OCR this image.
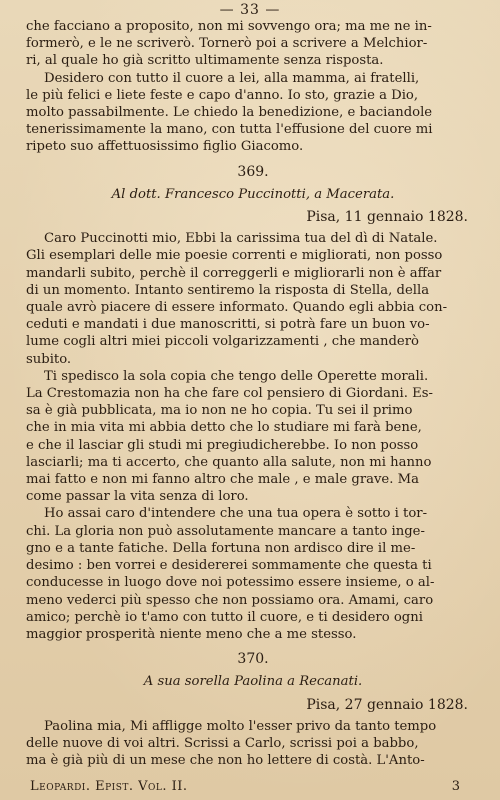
— 33 —
che facciano a proposito, non mi sovvengo ora; ma me ne in-
formerò, e le ne scriverò. Tornerò poi a scrivere a Melchior-
ri, al quale ho già scritto ultimamente senza risposta.
Desidero con tutto il cuore a lei, alla mamma, ai fratelli,
le più felici e liete feste e capo d'anno. Io sto, grazie a Dio,
molto passabilmente. Le chiedo la benedizione, e baciandole
tenerissimamente la mano, con tutta l'effusione del cuore mi
ripeto suo affettuosissimo figlio Giacomo.
369.
Al dott. Francesco Puccinotti, a Macerata.
Pisa, 11 gennaio 1828.
Caro Puccinotti mio, Ebbi la carissima tua del dì di Natale.
Gli esemplari delle mie poesie correnti e migliorati, non posso
mandarli subito, perchè il correggerli e migliorarli non è affar
di un momento. Intanto sentiremo la risposta di Stella, della
quale avrò piacere di essere informato. Quando egli abbia con-
ceduti e mandati i due manoscritti, si potrà fare un buon vo-
lume cogli altri miei piccoli volgarizzamenti , che manderò
subito.
Ti spedisco la sola copia che tengo delle Operette morali.
La Crestomazia non ha che fare col pensiero di Giordani. Es-
sa è già pubblicata, ma io non ne ho copia. Tu sei il primo
che in mia vita mi abbia detto che lo studiare mi farà bene,
e che il lasciar gli studi mi pregiudicherebbe. Io non posso
lasciarli; ma ti accerto, che quanto alla salute, non mi hanno
mai fatto e non mi fanno altro che male , e male grave. Ma
come passar la vita senza di loro.
Ho assai caro d'intendere che una tua opera è sotto i tor-
chi. La gloria non può assolutamente mancare a tanto inge-
gno e a tante fatiche. Della fortuna non ardisco dire il me-
desimo : ben vorrei e desidererei sommamente che questa ti
conducesse in luogo dove noi potessimo essere insieme, o al-
meno vederci più spesso che non possiamo ora. Amami, caro
amico; perchè io t'amo con tutto il cuore, e ti desidero ogni
maggior prosperità niente meno che a me stesso.
370.
A sua sorella Paolina a Recanati.
Pisa, 27 gennaio 1828.
Paolina mia, Mi affligge molto l'esser privo da tanto tempo
delle nuove di voi altri. Scrissi a Carlo, scrissi poi a babbo,
ma è già più di un mese che non ho lettere di costà. L'Anto-
Leopardi. Epist. Vol. II.	3
